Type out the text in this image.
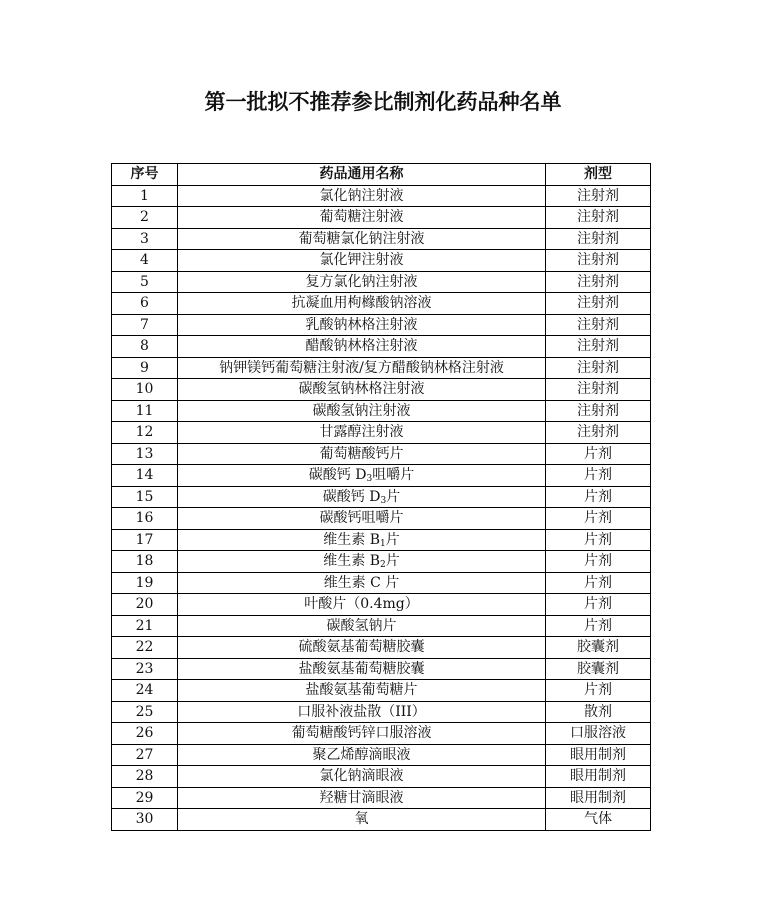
第一批拟不推荐参比制剂化药品种名单
序号	药品通用名称	剂型
1	氯化钠注射液	注射剂
2	葡萄糖注射液	注射剂
3	葡萄糖氯化钠注射液	注射剂
4	氯化钾注射液	注射剂
5	复方氯化钠注射液	注射剂
6	抗凝血用枸橼酸钠溶液	注射剂
7	乳酸钠林格注射液	注射剂
8	醋酸钠林格注射液	注射剂
9	钠钾镁钙葡萄糖注射液/复方醋酸钠林格注射液	注射剂
10	碳酸氢钠林格注射液	注射剂
11	碳酸氢钠注射液	注射剂
12	甘露醇注射液	注射剂
13	葡萄糖酸钙片	片剂
14	碳酸钙 $D_3$咀嚼片	片剂
15	碳酸钙 $D_3$片	片剂
16	碳酸钙咀嚼片	片剂
17	维生素 $B_1$片	片剂
18	维生素 $B_2$片	片剂
19	维生素 C 片	片剂
20	叶酸片（0.4mg）	片剂
21	碳酸氢钠片	片剂
22	硫酸氨基葡萄糖胶囊	胶囊剂
23	盐酸氨基葡萄糖胶囊	胶囊剂
24	盐酸氨基葡萄糖片	片剂
25	口服补液盐散（III）	散剂
26	葡萄糖酸钙锌口服溶液	口服溶液
27	聚乙烯醇滴眼液	眼用制剂
28	氯化钠滴眼液	眼用制剂
29	羟糖甘滴眼液	眼用制剂
30	氧	气体
